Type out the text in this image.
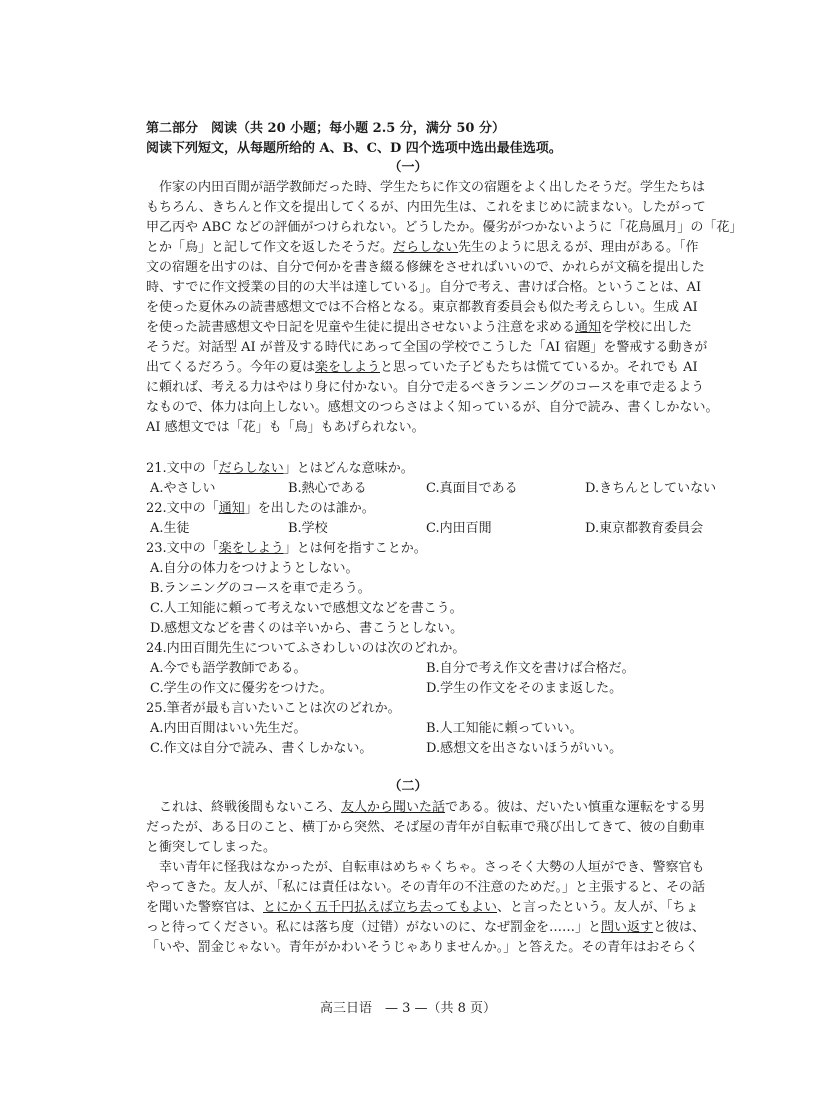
第二部分　阅读（共 20 小题；每小题 2.5 分，满分 50 分）
阅读下列短文，从每题所给的 A、B、C、D 四个选项中选出最佳选项。
（一）
　作家の内田百閒が語学教師だった時、学生たちに作文の宿題をよく出したそうだ。学生たちは
もちろん、きちんと作文を提出してくるが、内田先生は、これをまじめに読まない。したがって
甲乙丙や ABC などの評価がつけられない。どうしたか。優劣がつかないように「花鳥風月」の「花」
とか「鳥」と記して作文を返したそうだ。だらしない先生のように思えるが、理由がある。「作
文の宿題を出すのは、自分で何かを書き綴る修練をさせればいいので、かれらが文稿を提出した
時、すでに作文授業の目的の大半は達している」。自分で考え、書けば合格。ということは、AI
を使った夏休みの読書感想文では不合格となる。東京都教育委員会も似た考えらしい。生成 AI
を使った読書感想文や日記を児童や生徒に提出させないよう注意を求める通知を学校に出した
そうだ。対話型 AI が普及する時代にあって全国の学校でこうした「AI 宿題」を警戒する動きが
出てくるだろう。今年の夏は楽をしようと思っていた子どもたちは慌てているか。それでも AI
に頼れば、考える力はやはり身に付かない。自分で走るべきランニングのコースを車で走るよう
なもので、体力は向上しない。感想文のつらさはよく知っているが、自分で読み、書くしかない。
AI 感想文では「花」も「鳥」もあげられない。
21.文中の「だらしない」とはどんな意味か。
A.やさしい	B.熱心である	C.真面目である	D.きちんとしていない
22.文中の「通知」を出したのは誰か。
A.生徒	B.学校	C.内田百閒	D.東京都教育委員会
23.文中の「楽をしよう」とは何を指すことか。
A.自分の体力をつけようとしない。
B.ランニングのコースを車で走ろう。
C.人工知能に頼って考えないで感想文などを書こう。
D.感想文などを書くのは辛いから、書こうとしない。
24.内田百閒先生についてふさわしいのは次のどれか。
A.今でも語学教師である。	B.自分で考え作文を書けば合格だ。
C.学生の作文に優劣をつけた。	D.学生の作文をそのまま返した。
25.筆者が最も言いたいことは次のどれか。
A.内田百閒はいい先生だ。	B.人工知能に頼っていい。
C.作文は自分で読み、書くしかない。	D.感想文を出さないほうがいい。
（二）
　これは、終戦後間もないころ、友人から聞いた話である。彼は、だいたい慎重な運転をする男
だったが、ある日のこと、横丁から突然、そば屋の青年が自転車で飛び出してきて、彼の自動車
と衝突してしまった。
　幸い青年に怪我はなかったが、自転車はめちゃくちゃ。さっそく大勢の人垣ができ、警察官も
やってきた。友人が、「私には責任はない。その青年の不注意のためだ。」と主張すると、その話
を聞いた警察官は、とにかく五千円払えば立ち去ってもよい、と言ったという。友人が、「ちょ
っと待ってください。私には落ち度（过错）がないのに、なぜ罰金を……」と問い返すと彼は、
「いや、罰金じゃない。青年がかわいそうじゃありませんか。」と答えた。その青年はおそらく
高三日语　— 3 —（共 8 页）
